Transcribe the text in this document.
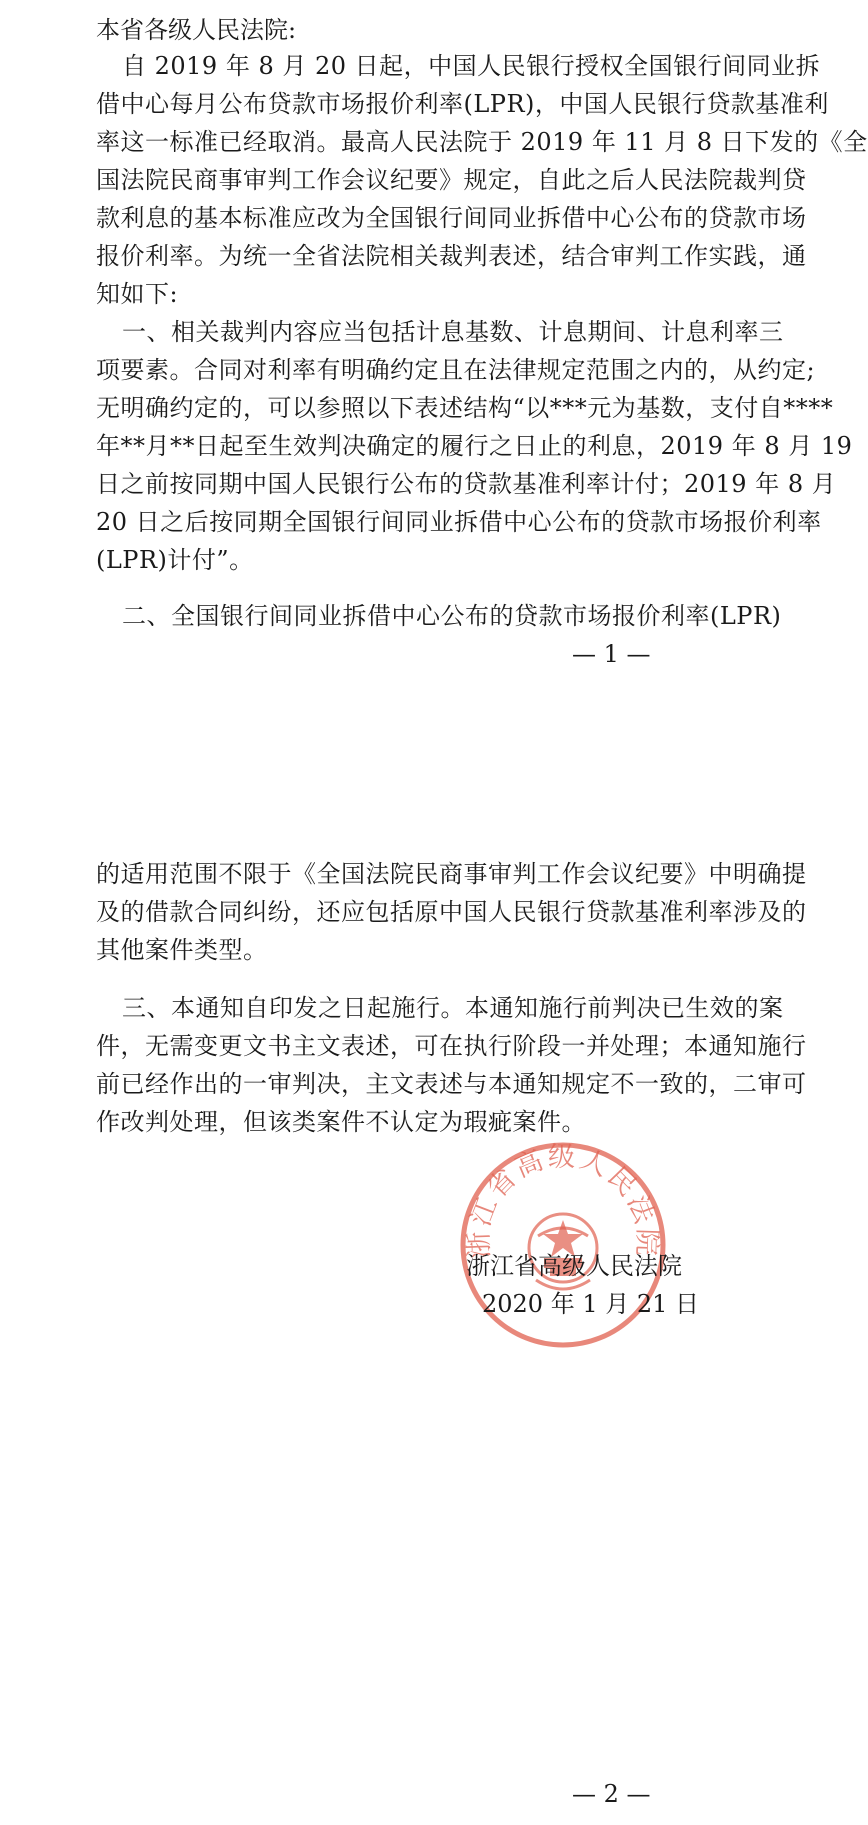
本省各级人民法院:
自 2019 年 8 月 20 日起，中国人民银行授权全国银行间同业拆
借中心每月公布贷款市场报价利率(LPR)，中国人民银行贷款基准利
率这一标准已经取消。最高人民法院于 2019 年 11 月 8 日下发的《全
国法院民商事审判工作会议纪要》规定，自此之后人民法院裁判贷
款利息的基本标准应改为全国银行间同业拆借中心公布的贷款市场
报价利率。为统一全省法院相关裁判表述，结合审判工作实践，通
知如下:
一、相关裁判内容应当包括计息基数、计息期间、计息利率三
项要素。合同对利率有明确约定且在法律规定范围之内的，从约定;
无明确约定的，可以参照以下表述结构“以***元为基数，支付自****
年**月**日起至生效判决确定的履行之日止的利息，2019 年 8 月 19
日之前按同期中国人民银行公布的贷款基准利率计付；2019 年 8 月
20 日之后按同期全国银行间同业拆借中心公布的贷款市场报价利率
(LPR)计付”。
二、全国银行间同业拆借中心公布的贷款市场报价利率(LPR)
— 1 —
的适用范围不限于《全国法院民商事审判工作会议纪要》中明确提
及的借款合同纠纷，还应包括原中国人民银行贷款基准利率涉及的
其他案件类型。
三、本通知自印发之日起施行。本通知施行前判决已生效的案
件，无需变更文书主文表述，可在执行阶段一并处理；本通知施行
前已经作出的一审判决，主文表述与本通知规定不一致的，二审可
作改判处理，但该类案件不认定为瑕疵案件。
浙江省高级人民法院
浙江省高级人民法院
2020 年 1 月 21 日
— 2 —
